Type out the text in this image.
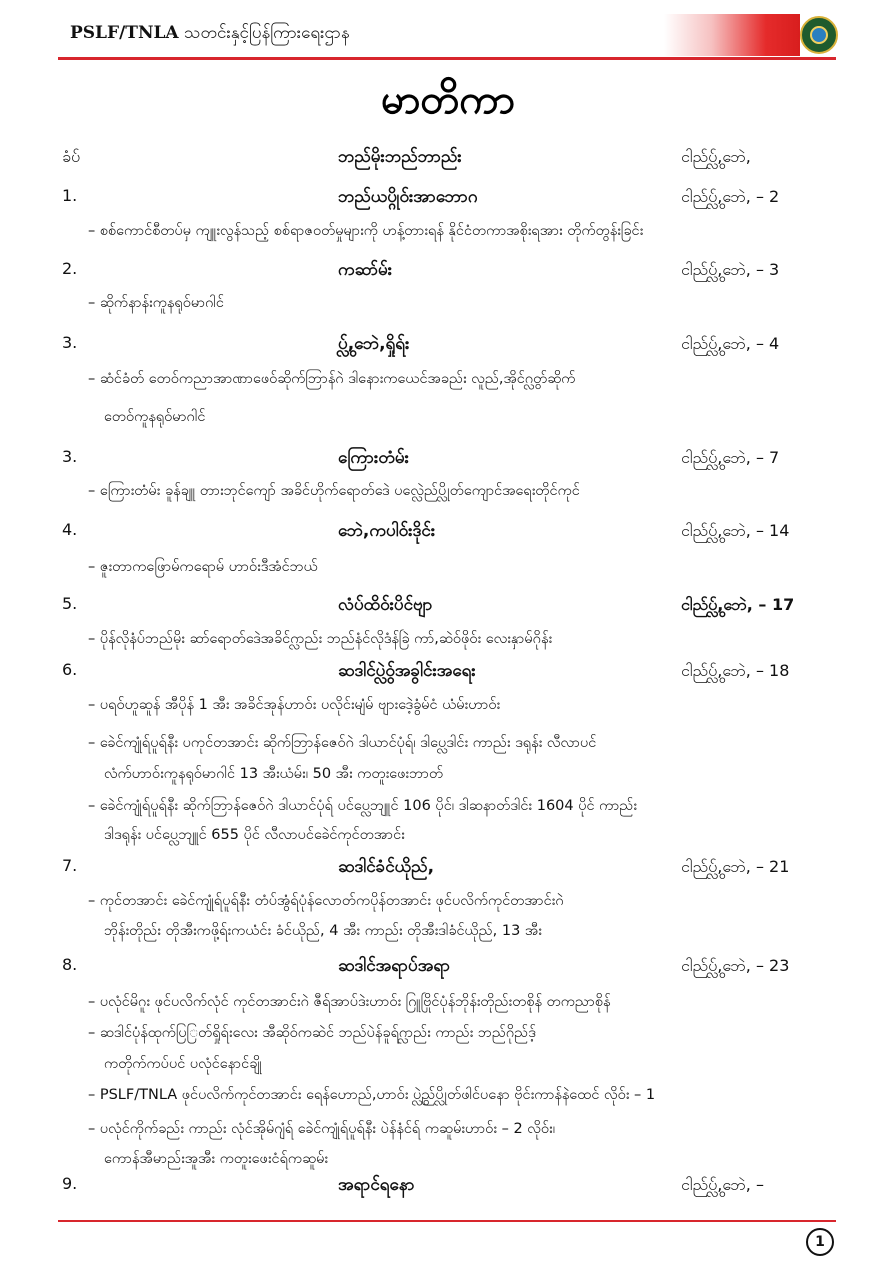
PSLF/TNLA သတင်းနှင့်ပြန်ကြားရေးဌာန
မာတိကာ
ခံပ်	ဘည်မိုးဘည်ဘာည်း	ငါည်ပ္လွ်,ဘေဲ,
1.	ဘည်ယပ္ဂိုဝ်းအာဘောဂ	ငါည်ပ္လွ်,ဘေဲ, – 2
– စစ်ကောင်စီတပ်မှ ကျူးလွန်သည့် စစ်ရာဇဝတ်မှုများကို ဟန့်တားရန် နိုင်ငံတကာအစိုးရအား တိုက်တွန်းခြင်း
2.	ကဆာ်မ်း	ငါည်ပ္လွ်,ဘေဲ, – 3
– ဆိုက်နာန်းကူနရုဝ်မာဂါင်
3.	ပ္လွ်,ဘေဲ,ရှိုရ်း	ငါည်ပ္လွ်,ဘေဲ, – 4
– ဆံင်ခံတ် တေဝ်ကညာအာဏာဖေဝ်ဆိုက်ဘြာန်ဂဲ ဒါနေားကယေင်အခည်း လူည်,အိုင်ဂ္လွတ်ဆိုက်
တေဝ်ကူနရုဝ်မာဂါင်
3.	ကြေားတံမ်း	ငါည်ပ္လွ်,ဘေဲ, – 7
– ကြေားတံမ်း ခူန်ချူ တားဘုင်ကျော် အခိင်ဟိုက်ရောတ်ဒေဲ ပလ္လေဲည်ပ္လိုတ်ကျောင်အရေးတိုင်ကုင်
4.	ဘေဲ,ကပါဝ်းဒိုင်း	ငါည်ပ္လွ်,ဘေဲ, – 14
– ဇူးတာကဖြောမ်ကရောမ် ဟာဝ်းဒီအံင်ဘယ်
5.	လံပ်ထိဝ်းပိင်ဗျာ	ငါည်ပ္လွ်,ဘေဲ, – 17
– ပိုန်လိုနံပ်ဘည်မိုး ဆာ်ရောတ်ဒေဲအခိင်ဂ္လာည်း ဘည်နံင်လိုဒံန်ခြဲ ကာ်,ဆဲဝ်ဖိုဝ်း လေးနှာမ်ဂိုန်း
6.	ဆဒါင်ပ္လွဲဝ်အခွါင်းအရေး	ငါည်ပ္လွ်,ဘေဲ, – 18
– ပရဝ်ဟူဆူန် အီပိုန် 1 အီး အခိင်အုန်ဟာဝ်း ပလိုင်းမျံမ် ဗျားဒေဲ့ခွံမ်ငံ ယံမ်းဟာဝ်း
– ခေဲင်ကျုံရ်ပူရ်နီး ပကုင်တအာင်း ဆိုက်ဘြာန်ဇေဝ်ဂဲ ဒါယာင်ပုံရ်၊ ဒါပ္လေဒါင်း ကာည်း ဒရုန်း လီလာပင်
လံက်ဟာဝ်းကူနရုဝ်မာဂါင် 13 အီးယံမ်း၊ 50 အီး ကတူးဖေးဘာတ်
– ခေဲင်ကျုံရ်ပူရ်နီး ဆိုက်ဘြာန်ဇေဝ်ဂဲ ဒါယာင်ပုံရ် ပင်ပ္လေဘျူင် 106 ပိုင်၊ ဒါဆနာတ်ဒါင်း 1604 ပိုင် ကာည်း
ဒါဒရုန်း ပင်ပ္လေဘျူင် 655 ပိုင် လီလာပင်ခေဲင်ကုင်တအာင်း
7.	ဆဒါင်ခံင်ယိုည်,	ငါည်ပ္လွ်,ဘေဲ, – 21
– ကုင်တအာင်း ခေဲင်ကျုံရ်ပူရ်နီး တံပ်အွံရ်ပုံန်လောတ်ကပိုန်တအာင်း ဖုင်ပလိက်ကုင်တအာင်းဂဲ
ဘိုန်းတိုည်း တိုအီးကဖို့ရ်းကယံင်း ခံင်ယိုည်, 4 အီး ကာည်း တိုအီးဒါခံင်ယိုည်, 13 အီး
8.	ဆဒါင်အရာပ်အရာ	ငါည်ပ္လွ်,ဘေဲ, – 23
– ပလုံင်မိဂူး ဖုင်ပလိက်လုံင် ကုင်တအာင်းဂဲ ဇီရ်အာပ်ဒဲးဟာဝ်း ဂြူဗြိုင်ပုံန်ဘိုန်းတိုည်းတစိုန် တကညာစိုန်
– ဆဒါင်ပုံန်ထုက်ပြြတ်ရှိုရ်းလေး အီဆိုဝ်ကဆဲင် ဘည်ပဲန်ခူရ်ဂ္လာည်း ကာည်း ဘည်ဂိုည်ဒ့်
ကတိုက်ကပ်ပင် ပလုံင်နောင်ချို
– PSLF/TNLA ဖုင်ပလိက်ကုင်တအာင်း ရေန်ဟောည်,ဟာဝ်း ပ္လွဲည်ပ္လိုတ်ဖါင်ပနော ဗိုင်းကာန်နဲထေင် လိုဝ်း – 1
– ပလုံင်ကိုက်ခည်း ကာည်း လုံင်အိုမ်ဂျံရ် ခေဲင်ကျုံရ်ပူရ်နီး ပဲန်နံင်ရ် ကဆူမ်းဟာဝ်း – 2 လိုဝ်း၊
ကောန်အီမာည်းအူအီး ကတူးဖေးငံရ်ကဆူမ်း
9.	အရာင်ရနော	ငါည်ပ္လွ်,ဘေဲ, –
1
